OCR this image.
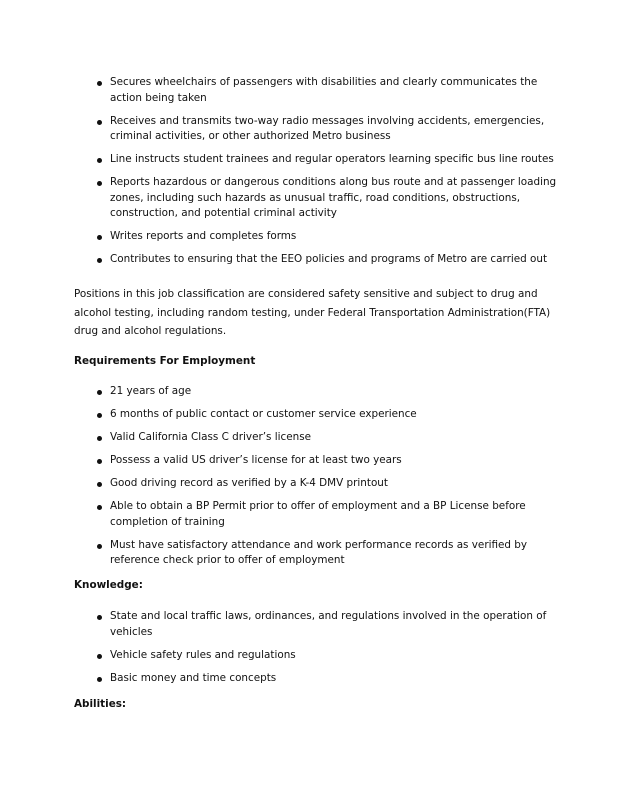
Secures wheelchairs of passengers with disabilities and clearly communicates the action being taken
Receives and transmits two-way radio messages involving accidents, emergencies, criminal activities, or other authorized Metro business
Line instructs student trainees and regular operators learning specific bus line routes
Reports hazardous or dangerous conditions along bus route and at passenger loading zones, including such hazards as unusual traffic, road conditions, obstructions, construction, and potential criminal activity
Writes reports and completes forms
Contributes to ensuring that the EEO policies and programs of Metro are carried out
Positions in this job classification are considered safety sensitive and subject to drug and alcohol testing, including random testing, under Federal Transportation Administration(FTA) drug and alcohol regulations.
Requirements For Employment
21 years of age
6 months of public contact or customer service experience
Valid California Class C driver’s license
Possess a valid US driver’s license for at least two years
Good driving record as verified by a K-4 DMV printout
Able to obtain a BP Permit prior to offer of employment and a BP License before completion of training
Must have satisfactory attendance and work performance records as verified by reference check prior to offer of employment
Knowledge:
State and local traffic laws, ordinances, and regulations involved in the operation of vehicles
Vehicle safety rules and regulations
Basic money and time concepts
Abilities:
